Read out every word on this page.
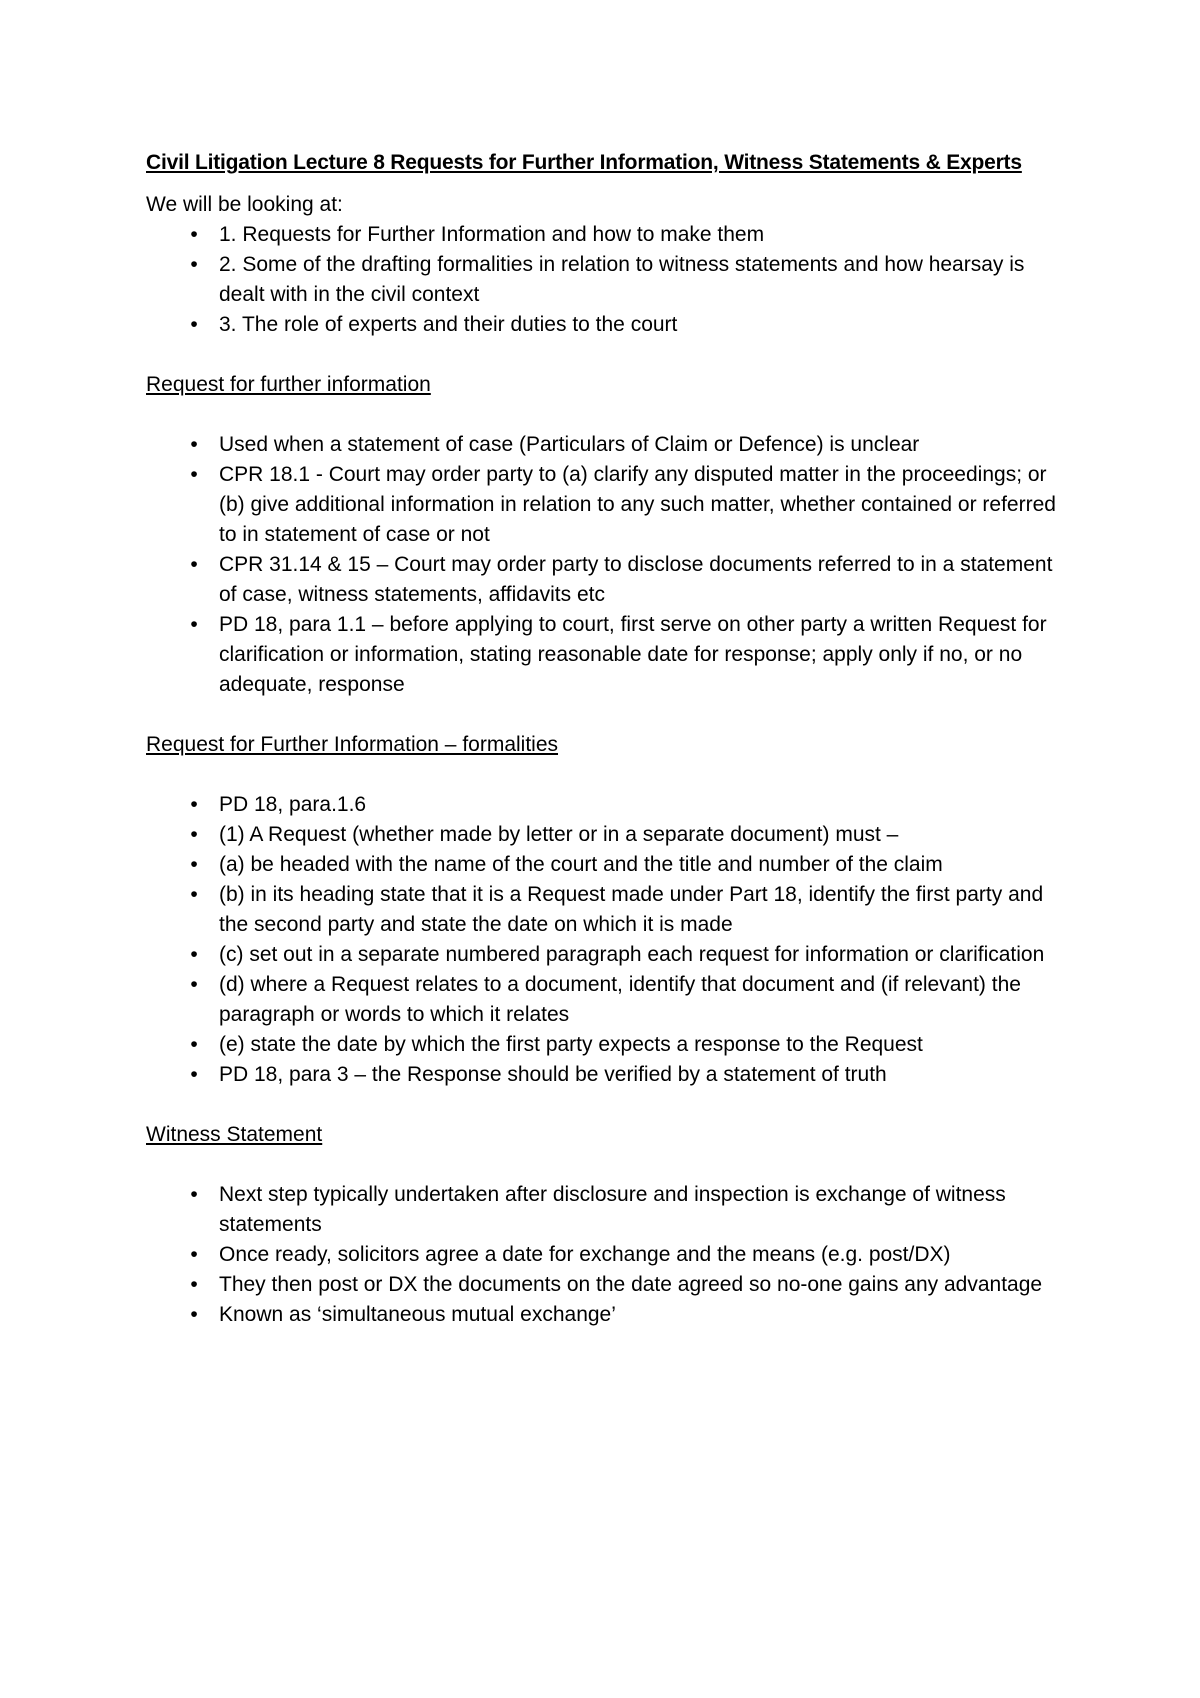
Civil Litigation Lecture 8 Requests for Further Information, Witness Statements & Experts
We will be looking at:
•	1. Requests for Further Information and how to make them
•	2. Some of the drafting formalities in relation to witness statements and how hearsay is dealt with in the civil context
•	3. The role of experts and their duties to the court
Request for further information
•	Used when a statement of case (Particulars of Claim or Defence) is unclear
•	CPR 18.1 - Court may order party to (a) clarify any disputed matter in the proceedings; or (b) give additional information in relation to any such matter, whether contained or referred to in statement of case or not
•	CPR 31.14 & 15 – Court may order party to disclose documents referred to in a statement of case, witness statements, affidavits etc
•	PD 18, para 1.1 – before applying to court, first serve on other party a written Request for clarification or information, stating reasonable date for response; apply only if no, or no adequate, response
Request for Further Information – formalities
•	PD 18, para.1.6
•	(1) A Request (whether made by letter or in a separate document) must –
•	(a) be headed with the name of the court and the title and number of the claim
•	(b) in its heading state that it is a Request made under Part 18, identify the first party and the second party and state the date on which it is made
•	(c) set out in a separate numbered paragraph each request for information or clarification
•	(d) where a Request relates to a document, identify that document and (if relevant) the paragraph or words to which it relates
•	(e) state the date by which the first party expects a response to the Request
•	PD 18, para 3 – the Response should be verified by a statement of truth
Witness Statement
•	Next step typically undertaken after disclosure and inspection is exchange of witness statements
•	Once ready, solicitors agree a date for exchange and the means (e.g. post/DX)
•	They then post or DX the documents on the date agreed so no-one gains any advantage
•	Known as ‘simultaneous mutual exchange’
